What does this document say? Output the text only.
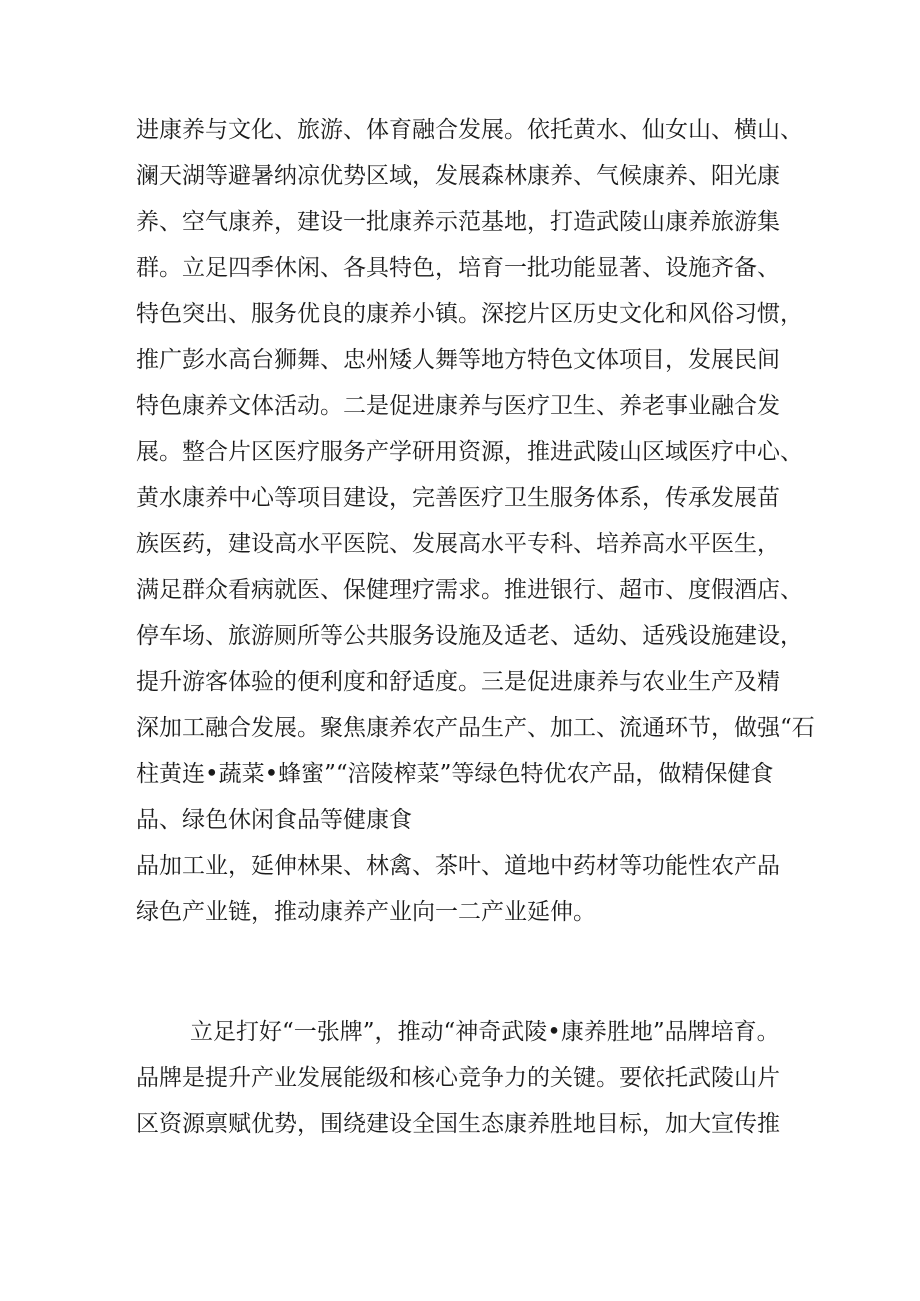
进康养与文化、旅游、体育融合发展。依托黄水、仙女山、横山、

澜天湖等避暑纳凉优势区域，发展森林康养、气候康养、阳光康

养、空气康养，建设一批康养示范基地，打造武陵山康养旅游集

群。立足四季休闲、各具特色，培育一批功能显著、设施齐备、

特色突出、服务优良的康养小镇。深挖片区历史文化和风俗习惯，

推广彭水高台狮舞、忠州矮人舞等地方特色文体项目，发展民间

特色康养文体活动。二是促进康养与医疗卫生、养老事业融合发

展。整合片区医疗服务产学研用资源，推进武陵山区域医疗中心、

黄水康养中心等项目建设，完善医疗卫生服务体系，传承发展苗

族医药，建设高水平医院、发展高水平专科、培养高水平医生，

满足群众看病就医、保健理疗需求。推进银行、超市、度假酒店、

停车场、旅游厕所等公共服务设施及适老、适幼、适残设施建设，

提升游客体验的便利度和舒适度。三是促进康养与农业生产及精

深加工融合发展。聚焦康养农产品生产、加工、流通环节，做强“石

柱黄连•蔬菜•蜂蜜”“涪陵榨菜”等绿色特优农产品，做精保健食

品、绿色休闲食品等健康食

品加工业，延伸林果、林禽、茶叶、道地中药材等功能性农产品

绿色产业链，推动康养产业向一二产业延伸。

立足打好“一张牌”，推动“神奇武陵•康养胜地”品牌培育。

品牌是提升产业发展能级和核心竞争力的关键。要依托武陵山片

区资源禀赋优势，围绕建设全国生态康养胜地目标，加大宣传推
